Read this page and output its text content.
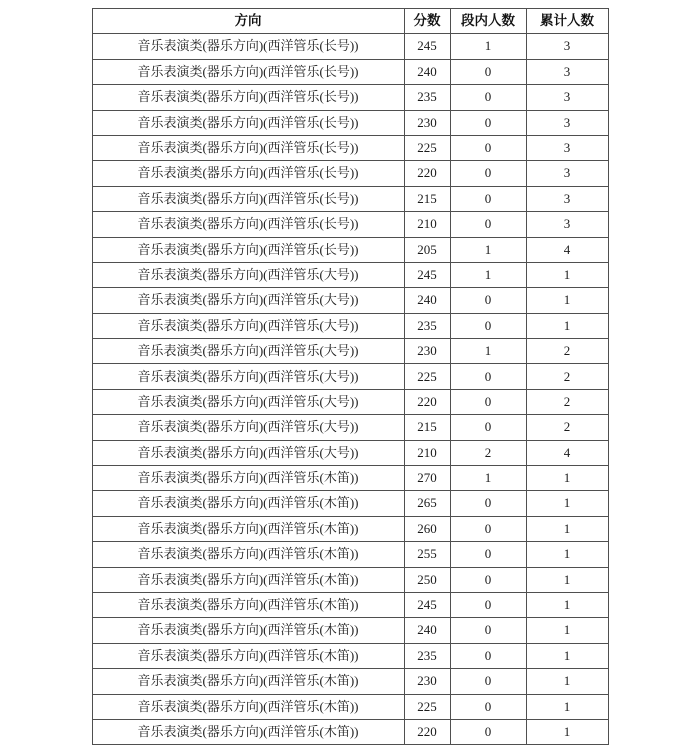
方向	分数	段内人数	累计人数
音乐表演类(器乐方向)(西洋管乐(长号))	245	1	3
音乐表演类(器乐方向)(西洋管乐(长号))	240	0	3
音乐表演类(器乐方向)(西洋管乐(长号))	235	0	3
音乐表演类(器乐方向)(西洋管乐(长号))	230	0	3
音乐表演类(器乐方向)(西洋管乐(长号))	225	0	3
音乐表演类(器乐方向)(西洋管乐(长号))	220	0	3
音乐表演类(器乐方向)(西洋管乐(长号))	215	0	3
音乐表演类(器乐方向)(西洋管乐(长号))	210	0	3
音乐表演类(器乐方向)(西洋管乐(长号))	205	1	4
音乐表演类(器乐方向)(西洋管乐(大号))	245	1	1
音乐表演类(器乐方向)(西洋管乐(大号))	240	0	1
音乐表演类(器乐方向)(西洋管乐(大号))	235	0	1
音乐表演类(器乐方向)(西洋管乐(大号))	230	1	2
音乐表演类(器乐方向)(西洋管乐(大号))	225	0	2
音乐表演类(器乐方向)(西洋管乐(大号))	220	0	2
音乐表演类(器乐方向)(西洋管乐(大号))	215	0	2
音乐表演类(器乐方向)(西洋管乐(大号))	210	2	4
音乐表演类(器乐方向)(西洋管乐(木笛))	270	1	1
音乐表演类(器乐方向)(西洋管乐(木笛))	265	0	1
音乐表演类(器乐方向)(西洋管乐(木笛))	260	0	1
音乐表演类(器乐方向)(西洋管乐(木笛))	255	0	1
音乐表演类(器乐方向)(西洋管乐(木笛))	250	0	1
音乐表演类(器乐方向)(西洋管乐(木笛))	245	0	1
音乐表演类(器乐方向)(西洋管乐(木笛))	240	0	1
音乐表演类(器乐方向)(西洋管乐(木笛))	235	0	1
音乐表演类(器乐方向)(西洋管乐(木笛))	230	0	1
音乐表演类(器乐方向)(西洋管乐(木笛))	225	0	1
音乐表演类(器乐方向)(西洋管乐(木笛))	220	0	1
